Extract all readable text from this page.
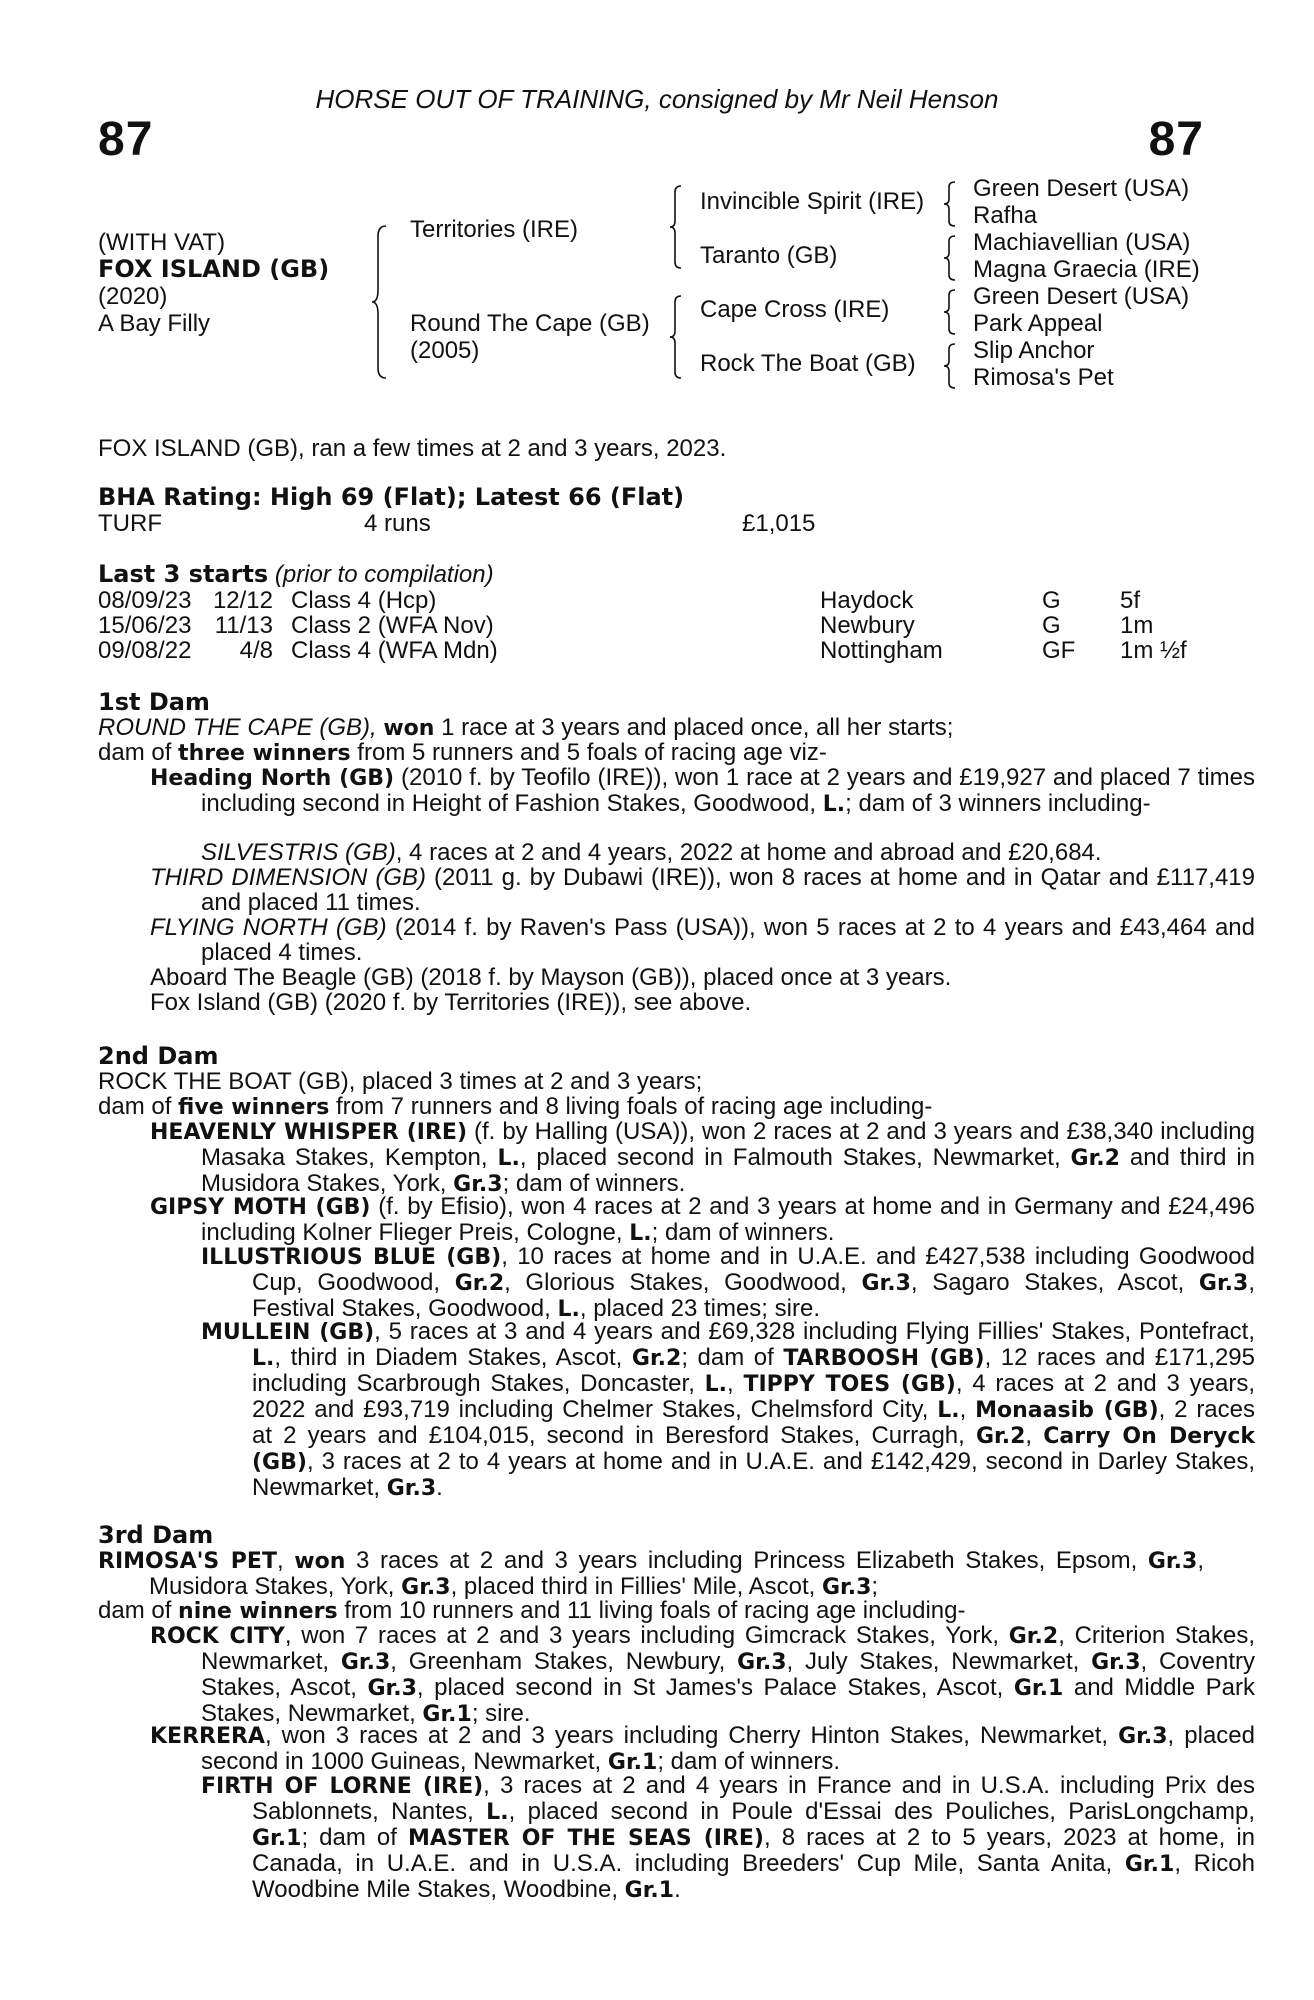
HORSE OUT OF TRAINING, consigned by Mr Neil Henson
87	87
(WITH VAT)
FOX ISLAND (GB)
(2020)
A Bay Filly
Territories (IRE)
Round The Cape (GB)
(2005)
Invincible Spirit (IRE)
Taranto (GB)
Cape Cross (IRE)
Rock The Boat (GB)
Green Desert (USA)
Rafha
Machiavellian (USA)
Magna Graecia (IRE)
Green Desert (USA)
Park Appeal
Slip Anchor
Rimosa's Pet
FOX ISLAND (GB), ran a few times at 2 and 3 years, 2023.
BHA Rating: High 69 (Flat); Latest 66 (Flat)
TURF	4 runs	£1,015
Last 3 starts (prior to compilation)
08/09/23 12/12 Class 4 (Hcp)	Haydock	G 5f
15/06/23 11/13 Class 2 (WFA Nov)	Newbury	G 1m
09/08/22	4/8 Class 4 (WFA Mdn)	Nottingham	GF 1m ½f
1st Dam
ROUND THE CAPE (GB), won 1 race at 3 years and placed once, all her starts;
dam of three winners from 5 runners and 5 foals of racing age viz-

Heading North (GB) (2010 f. by Teofilo (IRE)), won 1 race at 2 years and £19,927 and placed 7 times including second in Height of Fashion Stakes, Goodwood, L.; dam of 3 winners including-

SILVESTRIS (GB), 4 races at 2 and 4 years, 2022 at home and abroad and £20,684.

THIRD DIMENSION (GB) (2011 g. by Dubawi (IRE)), won 8 races at home and in Qatar and £117,419 and placed 11 times.

FLYING NORTH (GB) (2014 f. by Raven's Pass (USA)), won 5 races at 2 to 4 years and £43,464 and placed 4 times.

Aboard The Beagle (GB) (2018 f. by Mayson (GB)), placed once at 3 years.

Fox Island (GB) (2020 f. by Territories (IRE)), see above.

2nd Dam
ROCK THE BOAT (GB), placed 3 times at 2 and 3 years;
dam of five winners from 7 runners and 8 living foals of racing age including-

HEAVENLY WHISPER (IRE) (f. by Halling (USA)), won 2 races at 2 and 3 years and £38,340 including Masaka Stakes, Kempton, L., placed second in Falmouth Stakes, Newmarket, Gr.2 and third in Musidora Stakes, York, Gr.3; dam of winners.

GIPSY MOTH (GB) (f. by Efisio), won 4 races at 2 and 3 years at home and in Germany and £24,496 including Kolner Flieger Preis, Cologne, L.; dam of winners.

ILLUSTRIOUS BLUE (GB), 10 races at home and in U.A.E. and £427,538 including Goodwood Cup, Goodwood, Gr.2, Glorious Stakes, Goodwood, Gr.3, Sagaro Stakes, Ascot, Gr.3, Festival Stakes, Goodwood, L., placed 23 times; sire.

MULLEIN (GB), 5 races at 3 and 4 years and £69,328 including Flying Fillies' Stakes, Pontefract, L., third in Diadem Stakes, Ascot, Gr.2; dam of TARBOOSH (GB), 12 races and £171,295 including Scarbrough Stakes, Doncaster, L., TIPPY TOES (GB), 4 races at 2 and 3 years, 2022 and £93,719 including Chelmer Stakes, Chelmsford City, L., Monaasib (GB), 2 races at 2 years and £104,015, second in Beresford Stakes, Curragh, Gr.2, Carry On Deryck (GB), 3 races at 2 to 4 years at home and in U.A.E. and £142,429, second in Darley Stakes, Newmarket, Gr.3.

3rd Dam

RIMOSA'S PET, won 3 races at 2 and 3 years including Princess Elizabeth Stakes, Epsom, Gr.3, Musidora Stakes, York, Gr.3, placed third in Fillies' Mile, Ascot, Gr.3;

dam of nine winners from 10 runners and 11 living foals of racing age including-

ROCK CITY, won 7 races at 2 and 3 years including Gimcrack Stakes, York, Gr.2, Criterion Stakes, Newmarket, Gr.3, Greenham Stakes, Newbury, Gr.3, July Stakes, Newmarket, Gr.3, Coventry Stakes, Ascot, Gr.3, placed second in St James's Palace Stakes, Ascot, Gr.1 and Middle Park Stakes, Newmarket, Gr.1; sire.

KERRERA, won 3 races at 2 and 3 years including Cherry Hinton Stakes, Newmarket, Gr.3, placed second in 1000 Guineas, Newmarket, Gr.1; dam of winners.

FIRTH OF LORNE (IRE), 3 races at 2 and 4 years in France and in U.S.A. including Prix des Sablonnets, Nantes, L., placed second in Poule d'Essai des Pouliches, ParisLongchamp, Gr.1; dam of MASTER OF THE SEAS (IRE), 8 races at 2 to 5 years, 2023 at home, in Canada, in U.A.E. and in U.S.A. including Breeders' Cup Mile, Santa Anita, Gr.1, Ricoh Woodbine Mile Stakes, Woodbine, Gr.1.
